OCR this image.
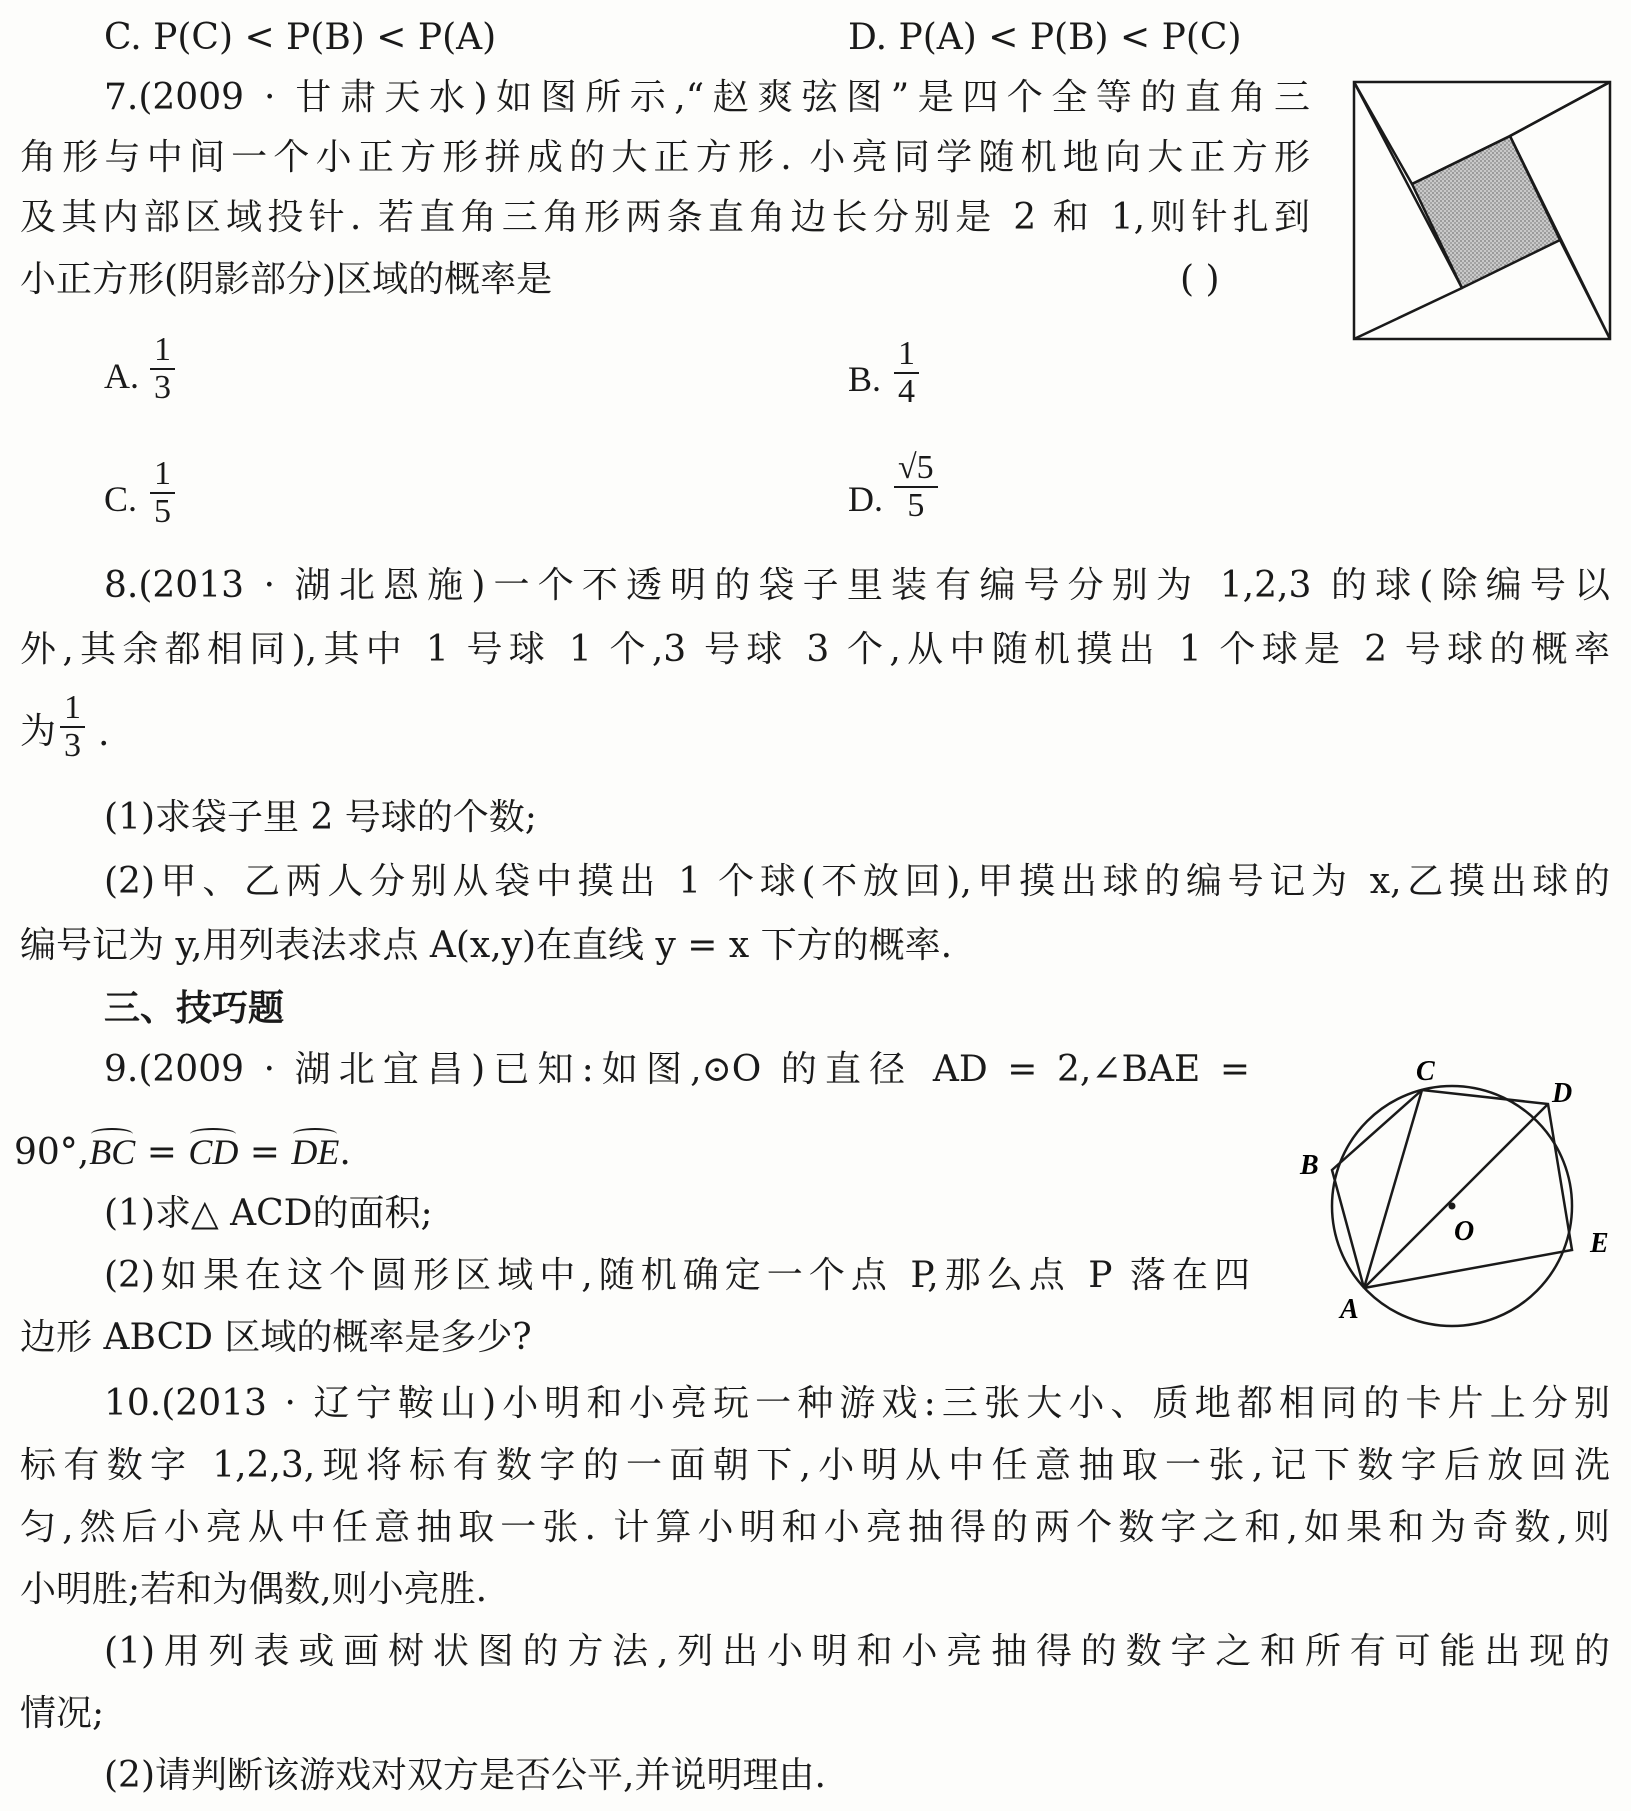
C. P(C) < P(B) < P(A)	D. P(A) < P(B) < P(C)
7.(2009 · 甘肃天水)如图所示,“赵爽弦图”是四个全等的直角三
角形与中间一个小正方形拼成的大正方形. 小亮同学随机地向大正方形
及其内部区域投针. 若直角三角形两条直角边长分别是 2 和 1,则针扎到
小正方形(阴影部分)区域的概率是	( )
A. $\frac{1}{3}$	B. $\frac{1}{4}$
C. $\frac{1}{5}$	D. $\frac{√5}{5}$
8.(2013 · 湖北恩施)一个不透明的袋子里装有编号分别为 1,2,3 的球(除编号以
外,其余都相同),其中 1 号球 1 个,3 号球 3 个,从中随机摸出 1 个球是 2 号球的概率
为 $\frac{1}{3}$ .
(1)求袋子里 2 号球的个数;
(2)甲、乙两人分别从袋中摸出 1 个球(不放回),甲摸出球的编号记为 x,乙摸出球的
编号记为 y,用列表法求点 A(x,y)在直线 y = x 下方的概率.
三、技巧题
9.(2009 · 湖北宜昌)已知:如图,⊙O 的直径 AD = 2,∠BAE =
90°,BC = CD = DE.
(1)求△ ACD的面积;
(2)如果在这个圆形区域中,随机确定一个点 P,那么点 P 落在四
边形 ABCD 区域的概率是多少?
C
D
B
O	E
A
10.(2013 · 辽宁鞍山)小明和小亮玩一种游戏:三张大小、质地都相同的卡片上分别
标有数字 1,2,3,现将标有数字的一面朝下,小明从中任意抽取一张,记下数字后放回洗
匀,然后小亮从中任意抽取一张. 计算小明和小亮抽得的两个数字之和,如果和为奇数,则
小明胜;若和为偶数,则小亮胜.
(1)用列表或画树状图的方法,列出小明和小亮抽得的数字之和所有可能出现的
情况;
(2)请判断该游戏对双方是否公平,并说明理由.
